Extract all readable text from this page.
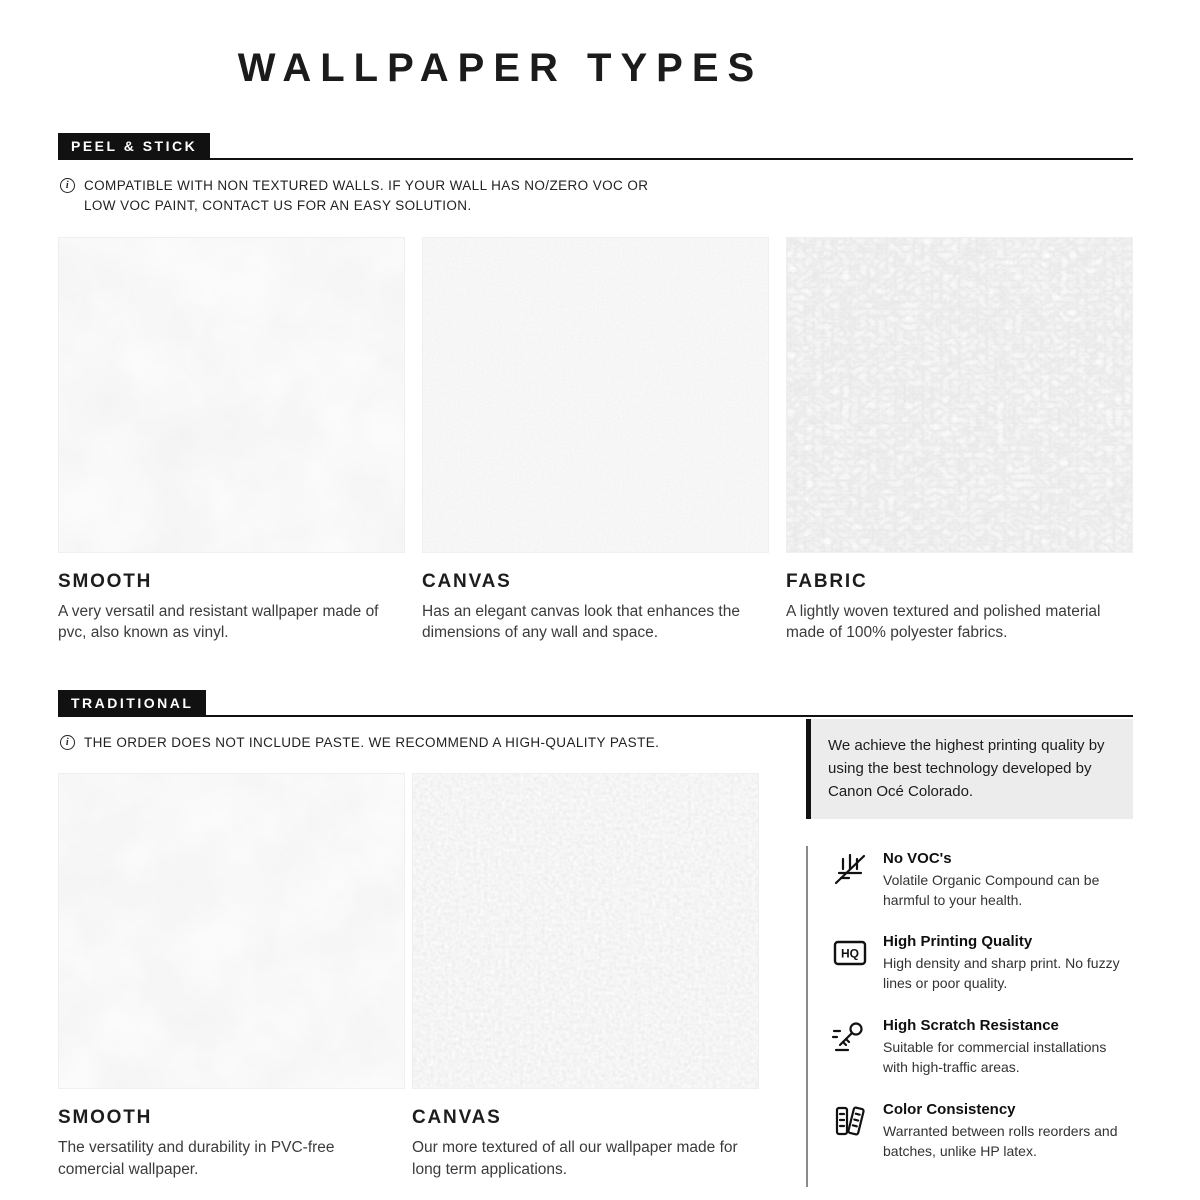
WALLPAPER TYPES
PEEL & STICK
i	COMPATIBLE WITH NON TEXTURED WALLS. IF YOUR WALL HAS NO/ZERO VOC OR LOW VOC PAINT, CONTACT US FOR AN EASY SOLUTION.
SMOOTH
A very versatil and resistant wallpaper made of pvc, also known as vinyl.
CANVAS
Has an elegant canvas look that enhances the dimensions of any wall and space.
FABRIC
A lightly woven textured and polished material made of 100% polyester fabrics.
TRADITIONAL
i	THE ORDER DOES NOT INCLUDE PASTE. WE RECOMMEND A HIGH-QUALITY PASTE.
SMOOTH
The versatility and durability in PVC-free comercial wallpaper.
CANVAS
Our more textured of all our wallpaper made for long term applications.
We achieve the highest printing quality by using the best technology developed by Canon Océ Colorado.
No VOC's
Volatile Organic Compound can be harmful to your health.
HQ
High Printing Quality
High density and sharp print. No fuzzy lines or poor quality.
High Scratch Resistance
Suitable for commercial installations with high-traffic areas.
Color Consistency
Warranted between rolls reorders and batches, unlike HP latex.
